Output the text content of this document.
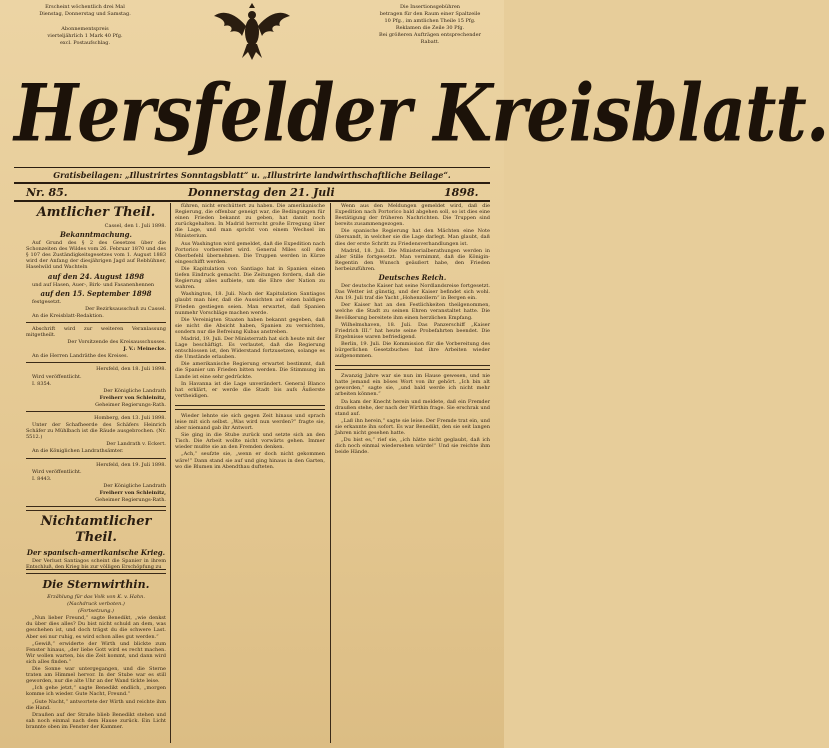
Erscheint wöchentlich drei Mal
Dienstag, Donnerstag und Samstag.
Abonnementspreis
vierteljährlich 1 Mark 40 Pfg.
excl. Postaufschlag.
Die Insertionsgebühren
betragen für den Raum einer Spaltzeile
10 Pfg., im amtlichen Theile 15 Pfg.
Reklamen die Zeile 30 Pfg.
Bei größeren Aufträgen entsprechender
Rabatt.
Hersfelder Kreisblatt.
Gratisbeilagen: „Illustrirtes Sonntagsblatt“ u. „Illustrirte landwirthschaftliche Beilage“.
Nr. 85.	Donnerstag den 21. Juli	1898.
Amtlicher Theil.

Cassel, den 1. Juli 1898.

Bekanntmachung.

Auf Grund des § 2 des Gesetzes über die Schonzeiten des Wildes vom 26. Februar 1870 und des § 107 des Zuständigkeitsgesetzes vom 1. August 1883 wird der Anfang der diesjährigen Jagd auf Rebhühner, Haselwild und Wachteln

auf den 24. August 1898

und auf Hasen, Auer-, Birk- und Fasanenhennen

auf den 15. September 1898

festgesetzt.

Der Bezirksausschuß zu Cassel.

An die Kreisblatt-Redaktion.

Abschrift wird zur weiteren Veranlassung mitgetheilt.

Der Vorsitzende des Kreisausschusses.

J. V.: Meinecke.

An die Herren Landräthe des Kreises.

Hersfeld, den 18. Juli 1898.

Wird veröffentlicht.

I. 8354.

Der Königliche Landrath

Freiherr von Schleinitz,

Geheimer Regierungs-Rath.

Homberg, den 13. Juli 1898.

Unter der Schafheerde des Schäfers Heinrich Schäfer zu Mühlbach ist die Räude ausgebrochen. (Nr. 5512.)

Der Landrath v. Eckert.

An die Königlichen Landrathsämter.

Hersfeld, den 19. Juli 1898.

Wird veröffentlicht.

I. 8443.

Der Königliche Landrath

Freiherr von Schleinitz,

Geheimer Regierungs-Rath.

Nichtamtlicher Theil.
Der spanisch-amerikanische Krieg.

Der Verlust Santiagos scheint die Spanier in ihrem Entschluß, den Krieg bis zur völligen Erschöpfung zu

Die Sternwirthin.

Erzählung für das Volk von K. v. Hahn.

(Nachdruck verboten.)

(Fortsetzung.)

„Nun lieber Freund,“ sagte Benedikt, „wie denkst du über dies alles? Du bist nicht schuld an dem, was geschehen ist, und doch trägst du die schwere Last. Aber sei nur ruhig, es wird schon alles gut werden.“

„Gewiß,“ erwiderte der Wirth und blickte zum Fenster hinaus, „der liebe Gott wird es recht machen. Wir wollen warten, bis die Zeit kommt, und dann wird sich alles finden.“

Die Sonne war untergegangen, und die Sterne traten am Himmel hervor. In der Stube war es still geworden, nur die alte Uhr an der Wand tickte leise.

„Ich gehe jetzt,“ sagte Benedikt endlich, „morgen komme ich wieder. Gute Nacht, Freund.“

„Gute Nacht,“ antwortete der Wirth und reichte ihm die Hand.

Draußen auf der Straße blieb Benedikt stehen und sah noch einmal nach dem Hause zurück. Ein Licht brannte oben im Fenster der Kammer.

führen, nicht erschüttert zu haben. Die amerikanische Regierung, die offenbar geneigt war, die Bedingungen für einen Frieden bekannt zu geben, hat damit noch zurückgehalten. In Madrid herrscht große Erregung über die Lage, und man spricht von einem Wechsel im Ministerium.

Aus Washington wird gemeldet, daß die Expedition nach Portorico vorbereitet wird. General Miles soll den Oberbefehl übernehmen. Die Truppen werden in Kürze eingeschifft werden.

Die Kapitulation von Santiago hat in Spanien einen tiefen Eindruck gemacht. Die Zeitungen fordern, daß die Regierung alles aufbiete, um die Ehre der Nation zu wahren.

Washington, 18. Juli. Nach der Kapitulation Santiagos glaubt man hier, daß die Aussichten auf einen baldigen Frieden gestiegen seien. Man erwartet, daß Spanien nunmehr Vorschläge machen werde.

Die Vereinigten Staaten haben bekannt gegeben, daß sie nicht die Absicht haben, Spanien zu vernichten, sondern nur die Befreiung Kubas anstreben.

Madrid, 19. Juli. Der Ministerrath hat sich heute mit der Lage beschäftigt. Es verlautet, daß die Regierung entschlossen ist, den Widerstand fortzusetzen, solange es die Umstände erlauben.

Die amerikanische Regierung erwartet bestimmt, daß die Spanier um Frieden bitten werden. Die Stimmung im Lande ist eine sehr gedrückte.

In Havanna ist die Lage unverändert. General Blanco hat erklärt, er werde die Stadt bis aufs Äußerste vertheidigen.

Wieder lehnte sie sich gegen Zeit hinaus und sprach leise mit sich selbst. „Was wird nun werden?“ fragte sie, aber niemand gab ihr Antwort.

Sie ging in die Stube zurück und setzte sich an den Tisch. Die Arbeit wollte nicht vorwärts gehen. Immer wieder mußte sie an den Fremden denken.

„Ach,“ seufzte sie, „wenn er doch nicht gekommen wäre!“ Dann stand sie auf und ging hinaus in den Garten, wo die Blumen im Abendthau dufteten.

Wenn aus den Meldungen gemeldet wird, daß die Expedition nach Portorico bald abgehen soll, so ist dies eine Bestätigung der früheren Nachrichten. Die Truppen sind bereits zusammengezogen.

Die spanische Regierung hat den Mächten eine Note übersandt, in welcher sie die Lage darlegt. Man glaubt, daß dies der erste Schritt zu Friedensverhandlungen ist.

Madrid, 18. Juli. Die Ministerialberathungen werden in aller Stille fortgesetzt. Man vernimmt, daß die Königin-Regentin den Wunsch geäußert habe, den Frieden herbeizuführen.

Deutsches Reich.

Der deutsche Kaiser hat seine Nordlandsreise fortgesetzt. Das Wetter ist günstig, und der Kaiser befindet sich wohl. Am 19. Juli traf die Yacht „Hohenzollern“ in Bergen ein.

Der Kaiser hat an den Festlichkeiten theilgenommen, welche die Stadt zu seinen Ehren veranstaltet hatte. Die Bevölkerung bereitete ihm einen herzlichen Empfang.

Wilhelmshaven, 18. Juli. Das Panzerschiff „Kaiser Friedrich III.“ hat heute seine Probefahrten beendet. Die Ergebnisse waren befriedigend.

Berlin, 19. Juli. Die Kommission für die Vorbereitung des bürgerlichen Gesetzbuches hat ihre Arbeiten wieder aufgenommen.

Zwanzig Jahre war sie nun im Hause gewesen, und nie hatte jemand ein böses Wort von ihr gehört. „Ich bin alt geworden,“ sagte sie, „und bald werde ich nicht mehr arbeiten können.“

Da kam der Knecht herein und meldete, daß ein Fremder draußen stehe, der nach der Wirthin frage. Sie erschrak und stand auf.

„Laß ihn herein,“ sagte sie leise. Der Fremde trat ein, und sie erkannte ihn sofort. Es war Benedikt, den sie seit langen Jahren nicht gesehen hatte.

„Du bist es,“ rief sie, „ich hätte nicht geglaubt, daß ich dich noch einmal wiedersehen würde!“ Und sie reichte ihm beide Hände.
